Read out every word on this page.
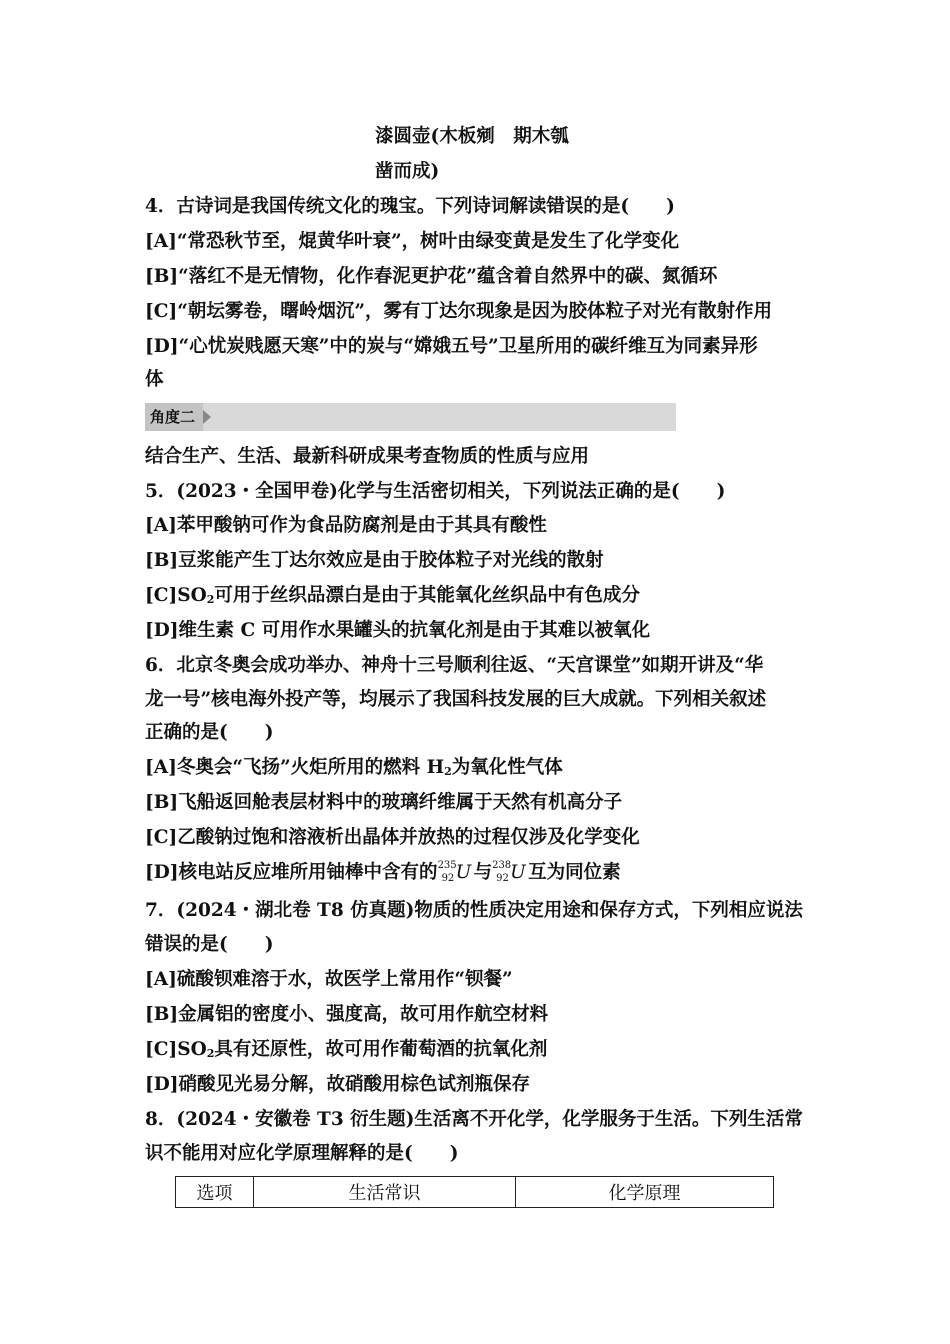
漆圆壶(木板剜　期木瓠
凿而成)
4．古诗词是我国传统文化的瑰宝。下列诗词解读错误的是(　　)
[A]“常恐秋节至，焜黄华叶衰”，树叶由绿变黄是发生了化学变化
[B]“落红不是无情物，化作春泥更护花”蕴含着自然界中的碳、氮循环
[C]“朝坛雾卷，曙岭烟沉”，雾有丁达尔现象是因为胶体粒子对光有散射作用
[D]“心忧炭贱愿天寒”中的炭与“嫦娥五号”卫星所用的碳纤维互为同素异形
体
角度二
结合生产、生活、最新科研成果考查物质的性质与应用
5．(2023・全国甲卷)化学与生活密切相关，下列说法正确的是(　　)
[A]苯甲酸钠可作为食品防腐剂是由于其具有酸性
[B]豆浆能产生丁达尔效应是由于胶体粒子对光线的散射
$[C]SO_2$可用于丝织品漂白是由于其能氧化丝织品中有色成分
[D]维生素 C 可用作水果罐头的抗氧化剂是由于其难以被氧化
6．北京冬奥会成功举办、神舟十三号顺利往返、“天宫课堂”如期开讲及“华
龙一号”核电海外投产等，均展示了我国科技发展的巨大成就。下列相关叙述
正确的是(　　)
[A]冬奥会“飞扬”火炬所用的燃料 $H_2$为氧化性气体
[B]飞船返回舱表层材料中的玻璃纤维属于天然有机高分子
[C]乙酸钠过饱和溶液析出晶体并放热的过程仅涉及化学变化
[D]核电站反应堆所用铀棒中含有的 235
92 U 与 238
92 U 互为同位素
7．(2024・湖北卷 T8 仿真题)物质的性质决定用途和保存方式，下列相应说法
错误的是(　　)
[A]硫酸钡难溶于水，故医学上常用作“钡餐”
[B]金属铝的密度小、强度高，故可用作航空材料
$[C]SO_2$具有还原性，故可用作葡萄酒的抗氧化剂
[D]硝酸见光易分解，故硝酸用棕色试剂瓶保存
8．(2024・安徽卷 T3 衍生题)生活离不开化学，化学服务于生活。下列生活常
识不能用对应化学原理解释的是(　　)
选项	生活常识	化学原理
